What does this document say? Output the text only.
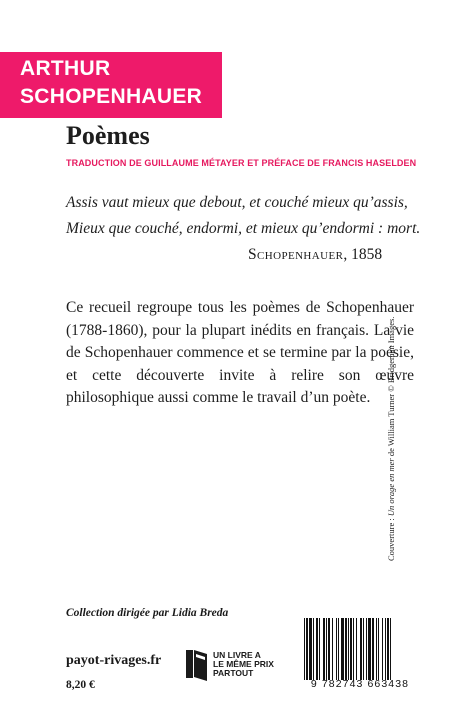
ARTHUR
SCHOPENHAUER
Poèmes
TRADUCTION DE GUILLAUME MÉTAYER ET PRÉFACE DE FRANCIS HASELDEN
Assis vaut mieux que debout, et couché mieux qu’assis,
Mieux que couché, endormi, et mieux qu’endormi : mort.
Schopenhauer, 1858

Ce recueil regroupe tous les poèmes de Schopenhauer (1788-1860), pour la plupart inédits en français. La vie de Schopenhauer commence et se termine par la poésie, et cette découverte invite à relire son œuvre philosophique aussi comme le travail d’un poète.

Collection dirigée par Lidia Breda
payot-rivages.fr
8,20 €
UN LIVRE A
LE MÊME PRIX
PARTOUT
9 782743 663438
Couverture : Un orage en mer de William Turner © Bridgeman Images.
